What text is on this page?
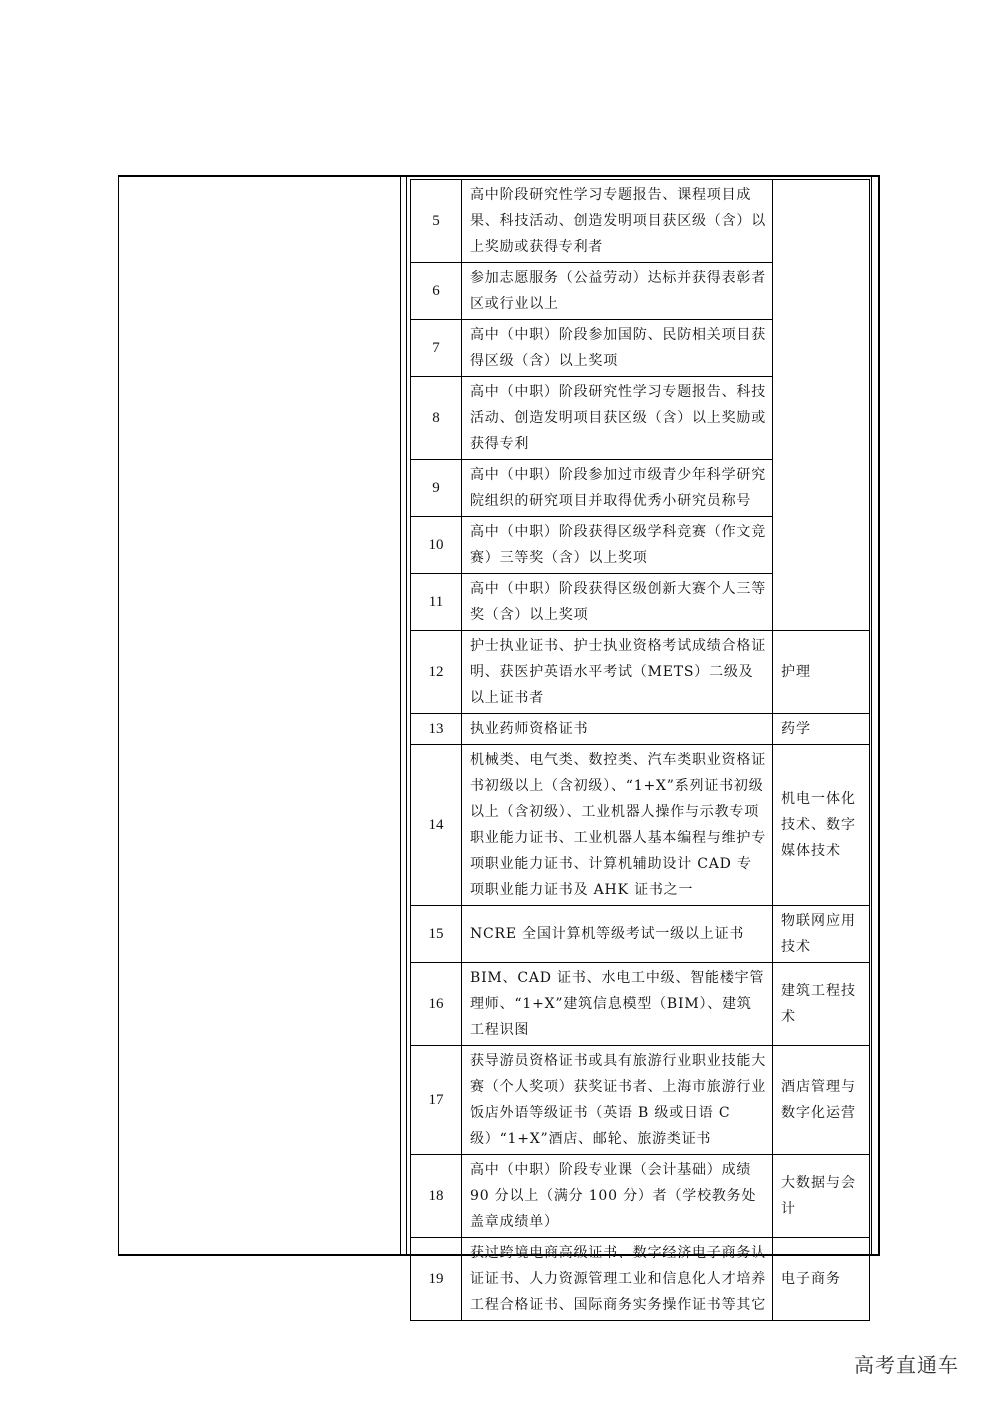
5	高中阶段研究性学习专题报告、课程项目成果、科技活动、创造发明项目获区级（含）以上奖励或获得专利者	
6	参加志愿服务（公益劳动）达标并获得表彰者区或行业以上	
7	高中（中职）阶段参加国防、民防相关项目获得区级（含）以上奖项	
8	高中（中职）阶段研究性学习专题报告、科技活动、创造发明项目获区级（含）以上奖励或获得专利	
9	高中（中职）阶段参加过市级青少年科学研究院组织的研究项目并取得优秀小研究员称号	
10	高中（中职）阶段获得区级学科竞赛（作文竞赛）三等奖（含）以上奖项	
11	高中（中职）阶段获得区级创新大赛个人三等奖（含）以上奖项	
12	护士执业证书、护士执业资格考试成绩合格证明、获医护英语水平考试（METS）二级及以上证书者	护理
13	执业药师资格证书	药学
14	机械类、电气类、数控类、汽车类职业资格证书初级以上（含初级）、“1+X”系列证书初级以上（含初级）、工业机器人操作与示教专项职业能力证书、工业机器人基本编程与维护专项职业能力证书、计算机辅助设计 CAD 专项职业能力证书及 AHK 证书之一	机电一体化技术、数字媒体技术
15	NCRE 全国计算机等级考试一级以上证书	物联网应用技术
16	BIM、CAD 证书、水电工中级、智能楼宇管理师、“1+X”建筑信息模型（BIM）、建筑工程识图	建筑工程技术
17	获导游员资格证书或具有旅游行业职业技能大赛（个人奖项）获奖证书者、上海市旅游行业饭店外语等级证书（英语 B 级或日语 C 级）“1+X”酒店、邮轮、旅游类证书	酒店管理与数字化运营
18	高中（中职）阶段专业课（会计基础）成绩 90 分以上（满分 100 分）者（学校教务处盖章成绩单）	大数据与会计
19	获过跨境电商高级证书、数字经济电子商务认证证书、人力资源管理工业和信息化人才培养工程合格证书、国际商务实务操作证书等其它	电子商务
高考直通车
